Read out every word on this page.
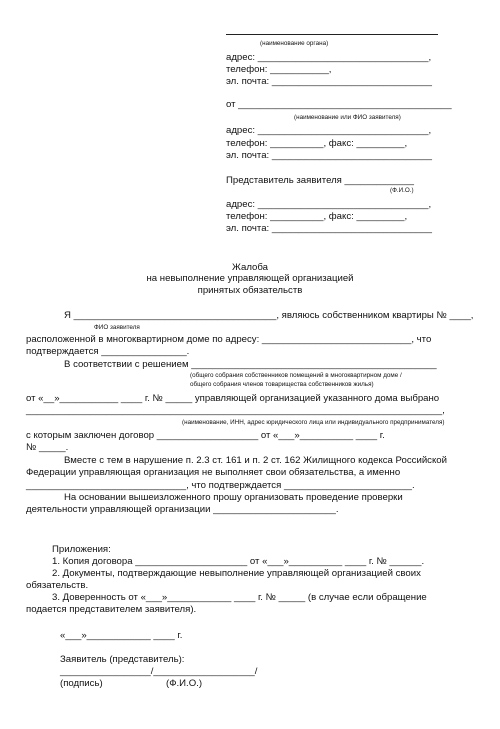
(наименование органа)
адрес: ________________________________,
телефон: ___________,
эл. почта: ______________________________
от ________________________________________
(наименование или ФИО заявителя)
адрес: ________________________________,
телефон: __________, факс: _________,
эл. почта: ______________________________
Представитель заявителя _____________
(Ф.И.О.)
адрес: ________________________________,
телефон: __________, факс: _________,
эл. почта: ______________________________
Жалоба
на невыполнение управляющей организацией
принятых обязательств
Я ______________________________________, являюсь собственником квартиры № ____,
ФИО заявителя
расположенной в многоквартирном доме по адресу: ____________________________, что
подтверждается ________________.
В соответствии с решением ______________________________________________
(общего собрания собственников помещений в многоквартирном доме /
общего собрания членов товарищества собственников жилья)
от «__»___________ ____ г. № _____ управляющей организацией указанного дома выбрано
______________________________________________________________________________,
(наименование, ИНН, адрес юридического лица или индивидуального предпринимателя)
с которым заключен договор ___________________ от «___»__________ ____ г.
№ _____.
Вместе с тем в нарушение п. 2.3 ст. 161 и п. 2 ст. 162 Жилищного кодекса Российской
Федерации управляющая организация не выполняет свои обязательства, а именно
______________________________, что подтверждается ________________________.
На основании вышеизложенного прошу организовать проведение проверки
деятельности управляющей организации _______________________.
Приложения:
1. Копия договора _____________________ от «___»__________ ____ г. № ______.
2. Документы, подтверждающие невыполнение управляющей организацией своих
обязательств.
3. Доверенность от «___»____________ ____ г. № _____ (в случае если обращение
подается представителем заявителя).
«___»____________ ____ г.
Заявитель (представитель):
_________________/___________________/
(подпись)	(Ф.И.О.)
